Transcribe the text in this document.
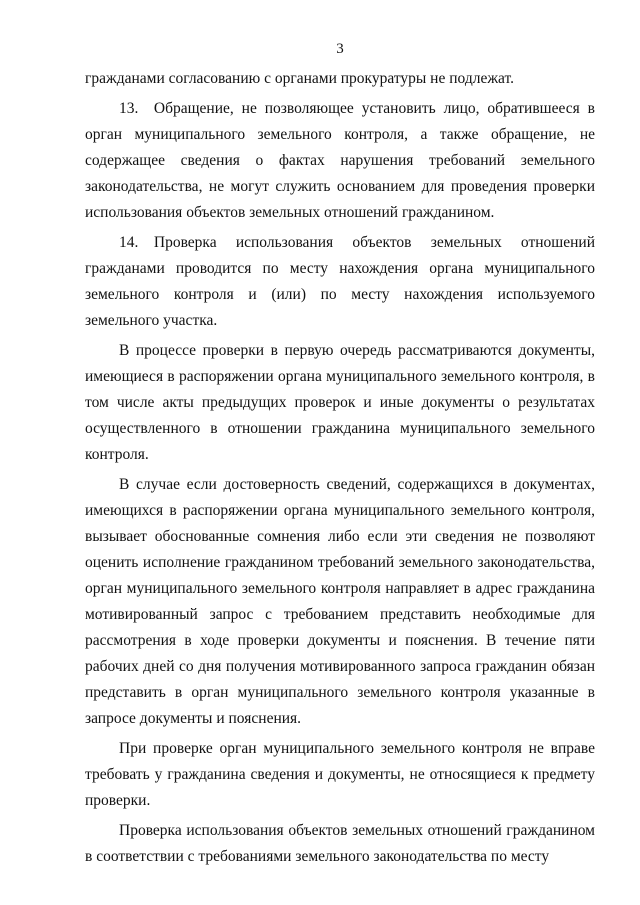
3

гражданами согласованию с органами прокуратуры не подлежат.

13. Обращение, не позволяющее установить лицо, обратившееся в орган муниципального земельного контроля, а также обращение, не содержащее сведения о фактах нарушения требований земельного законодательства, не могут служить основанием для проведения проверки использования объектов земельных отношений гражданином.

14. Проверка использования объектов земельных отношений гражданами проводится по месту нахождения органа муниципального земельного контроля и (или) по месту нахождения используемого земельного участка.

В процессе проверки в первую очередь рассматриваются документы, имеющиеся в распоряжении органа муниципального земельного контроля, в том числе акты предыдущих проверок и иные документы о результатах осуществленного в отношении гражданина муниципального земельного контроля.

В случае если достоверность сведений, содержащихся в документах, имеющихся в распоряжении органа муниципального земельного контроля, вызывает обоснованные сомнения либо если эти сведения не позволяют оценить исполнение гражданином требований земельного законодательства, орган муниципального земельного контроля направляет в адрес гражданина мотивированный запрос с требованием представить необходимые для рассмотрения в ходе проверки документы и пояснения. В течение пяти рабочих дней со дня получения мотивированного запроса гражданин обязан представить в орган муниципального земельного контроля указанные в запросе документы и пояснения.

При проверке орган муниципального земельного контроля не вправе требовать у гражданина сведения и документы, не относящиеся к предмету проверки.

Проверка использования объектов земельных отношений гражданином в соответствии с требованиями земельного законодательства по месту
